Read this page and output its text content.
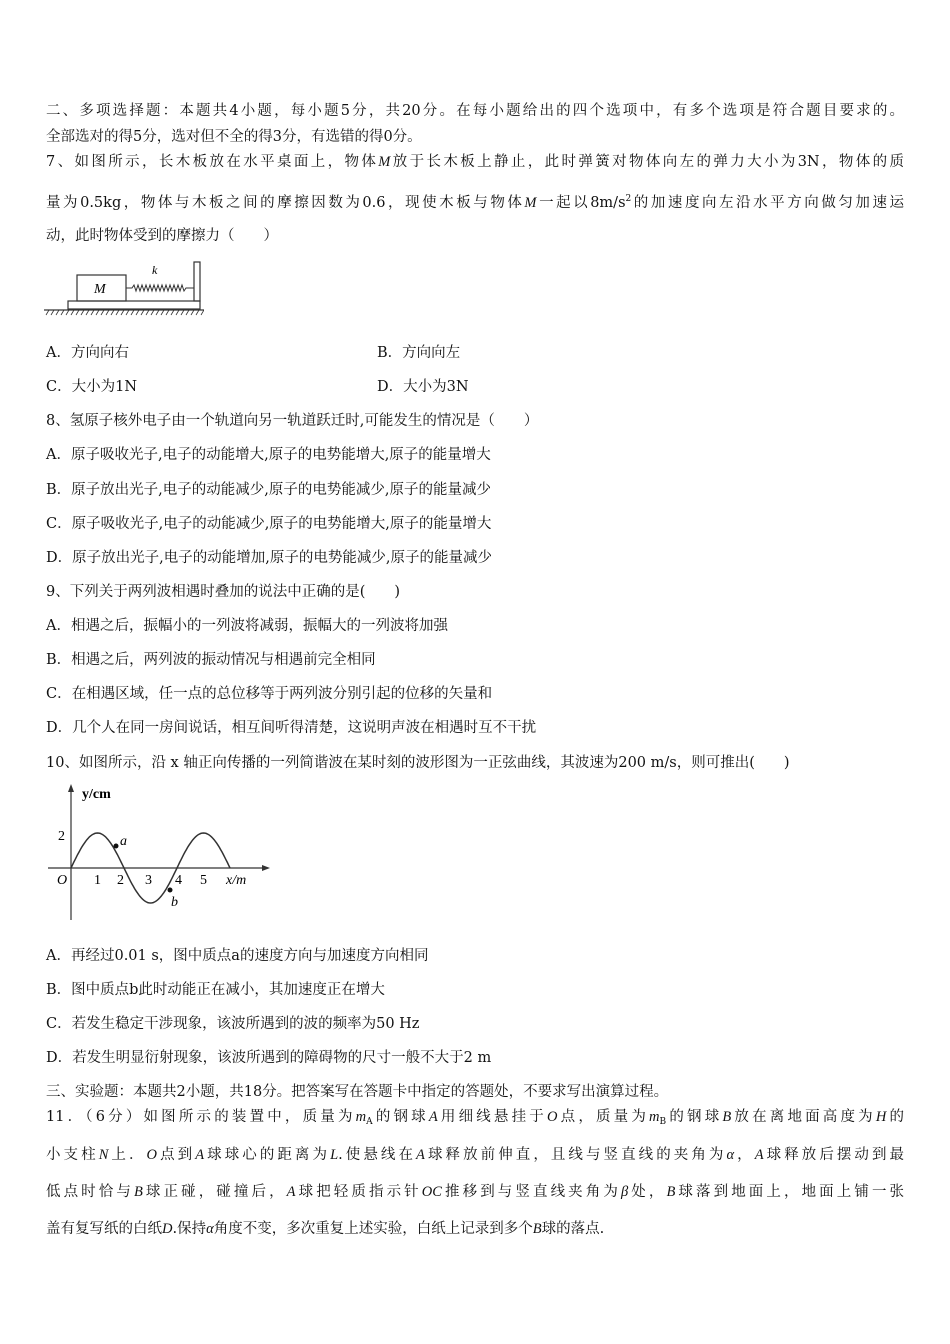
二、多项选择题：本题共4小题，每小题5分，共20分。在每小题给出的四个选项中，有多个选项是符合题目要求的。
全部选对的得5分，选对但不全的得3分，有选错的得0分。
7、如图所示，长木板放在水平桌面上，物体M放于长木板上静止，此时弹簧对物体向左的弹力大小为3N，物体的质
量为0.5kg，物体与木板之间的摩擦因数为0.6，现使木板与物体M一起以$8m/s^2$的加速度向左沿水平方向做匀加速运
动，此时物体受到的摩擦力（　　）
A．方向向右	B．方向向左
C．大小为1N	D．大小为3N
8、氢原子核外电子由一个轨道向另一轨道跃迁时,可能发生的情况是（　　）
A．原子吸收光子,电子的动能增大,原子的电势能增大,原子的能量增大
B．原子放出光子,电子的动能减少,原子的电势能减少,原子的能量减少
C．原子吸收光子,电子的动能减少,原子的电势能增大,原子的能量增大
D．原子放出光子,电子的动能增加,原子的电势能减少,原子的能量减少
9、下列关于两列波相遇时叠加的说法中正确的是(　　)
A．相遇之后，振幅小的一列波将减弱，振幅大的一列波将加强
B．相遇之后，两列波的振动情况与相遇前完全相同
C．在相遇区域，任一点的总位移等于两列波分别引起的位移的矢量和
D．几个人在同一房间说话，相互间听得清楚，这说明声波在相遇时互不干扰
10、如图所示，沿 x 轴正向传播的一列简谐波在某时刻的波形图为一正弦曲线，其波速为200 m/s，则可推出(　　)
A．再经过0.01 s，图中质点a的速度方向与加速度方向相同
B．图中质点b此时动能正在减小，其加速度正在增大
C．若发生稳定干涉现象，该波所遇到的波的频率为50 Hz
D．若发生明显衍射现象，该波所遇到的障碍物的尺寸一般不大于2 m
三、实验题：本题共2小题，共18分。把答案写在答题卡中指定的答题处，不要求写出演算过程。
11．（6分）如图所示的装置中，质量为$m_A$的钢球A用细线悬挂于O点，质量为$m_B$的钢球B放在离地面高度为H的
小支柱N上．O点到A球球心的距离为L.使悬线在A球释放前伸直，且线与竖直线的夹角为α，A球释放后摆动到最
低点时恰与B球正碰，碰撞后，A球把轻质指示针OC推移到与竖直线夹角为β处，B球落到地面上，地面上铺一张
盖有复写纸的白纸D.保持α角度不变，多次重复上述实验，白纸上记录到多个B球的落点.
M
k
y/cm
2
O 1 2 3 4 5 x/m
a
b
